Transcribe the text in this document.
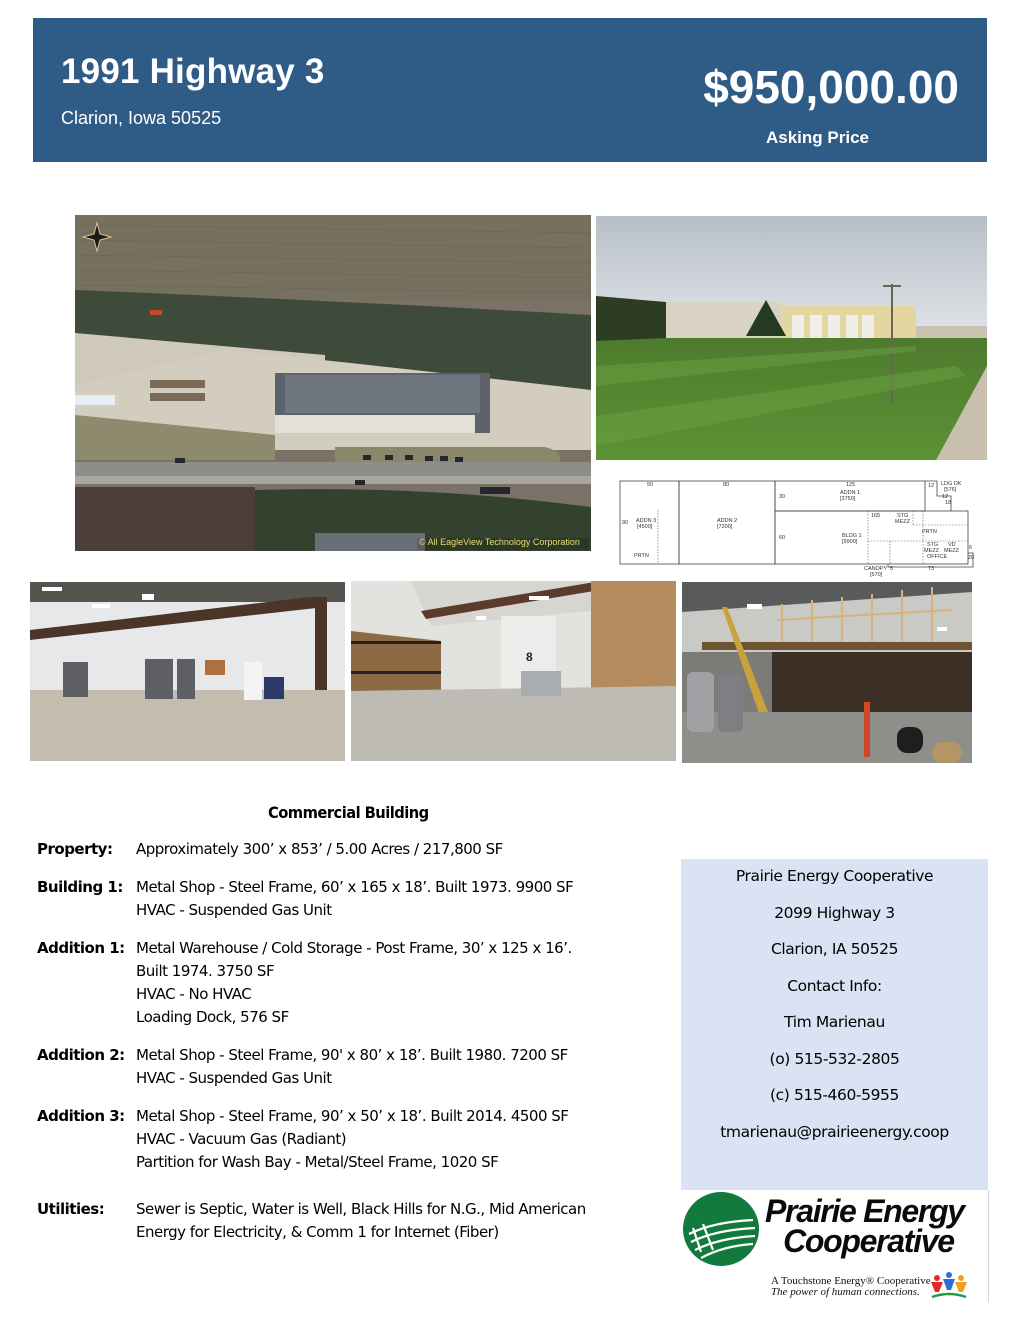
1991 Highway 3
Clarion, Iowa 50525
$950,000.00
Asking Price
© All EagleView Technology Corporation
50	80	125	12 LDG DK
[576]
12
18
30
ADDN 1
[3750]
90 ADDN 3
[4500]
ADDN 2
[7200]
165	STG
MEZZ
PRTN
60	BLDG 1
[9900]	STG VD
MEZZ MEZZ
OFFICE
6
20
PRTN
CANOPY
[570]
5	73
8
Commercial Building
Property:	Approximately 300’ x 853’ / 5.00 Acres / 217,800 SF
Building 1: Metal Shop - Steel Frame, 60’ x 165 x 18’. Built 1973. 9900 SF
HVAC - Suspended Gas Unit
Addition 1: Metal Warehouse / Cold Storage - Post Frame, 30’ x 125 x 16’.
Built 1974. 3750 SF
HVAC - No HVAC
Loading Dock, 576 SF
Addition 2: Metal Shop - Steel Frame, 90' x 80’ x 18’. Built 1980. 7200 SF
HVAC - Suspended Gas Unit
Addition 3: Metal Shop - Steel Frame, 90’ x 50’ x 18’. Built 2014. 4500 SF
HVAC - Vacuum Gas (Radiant)
Partition for Wash Bay - Metal/Steel Frame, 1020 SF
Utilities:	Sewer is Septic, Water is Well, Black Hills for N.G., Mid American
Energy for Electricity, & Comm 1 for Internet (Fiber)
Prairie Energy Cooperative
2099 Highway 3
Clarion, IA 50525
Contact Info:
Tim Marienau
(o) 515-532-2805
(c) 515-460-5955
tmarienau@prairieenergy.coop
Prairie Energy
Cooperative
A Touchstone Energy® Cooperative
The power of human connections.
